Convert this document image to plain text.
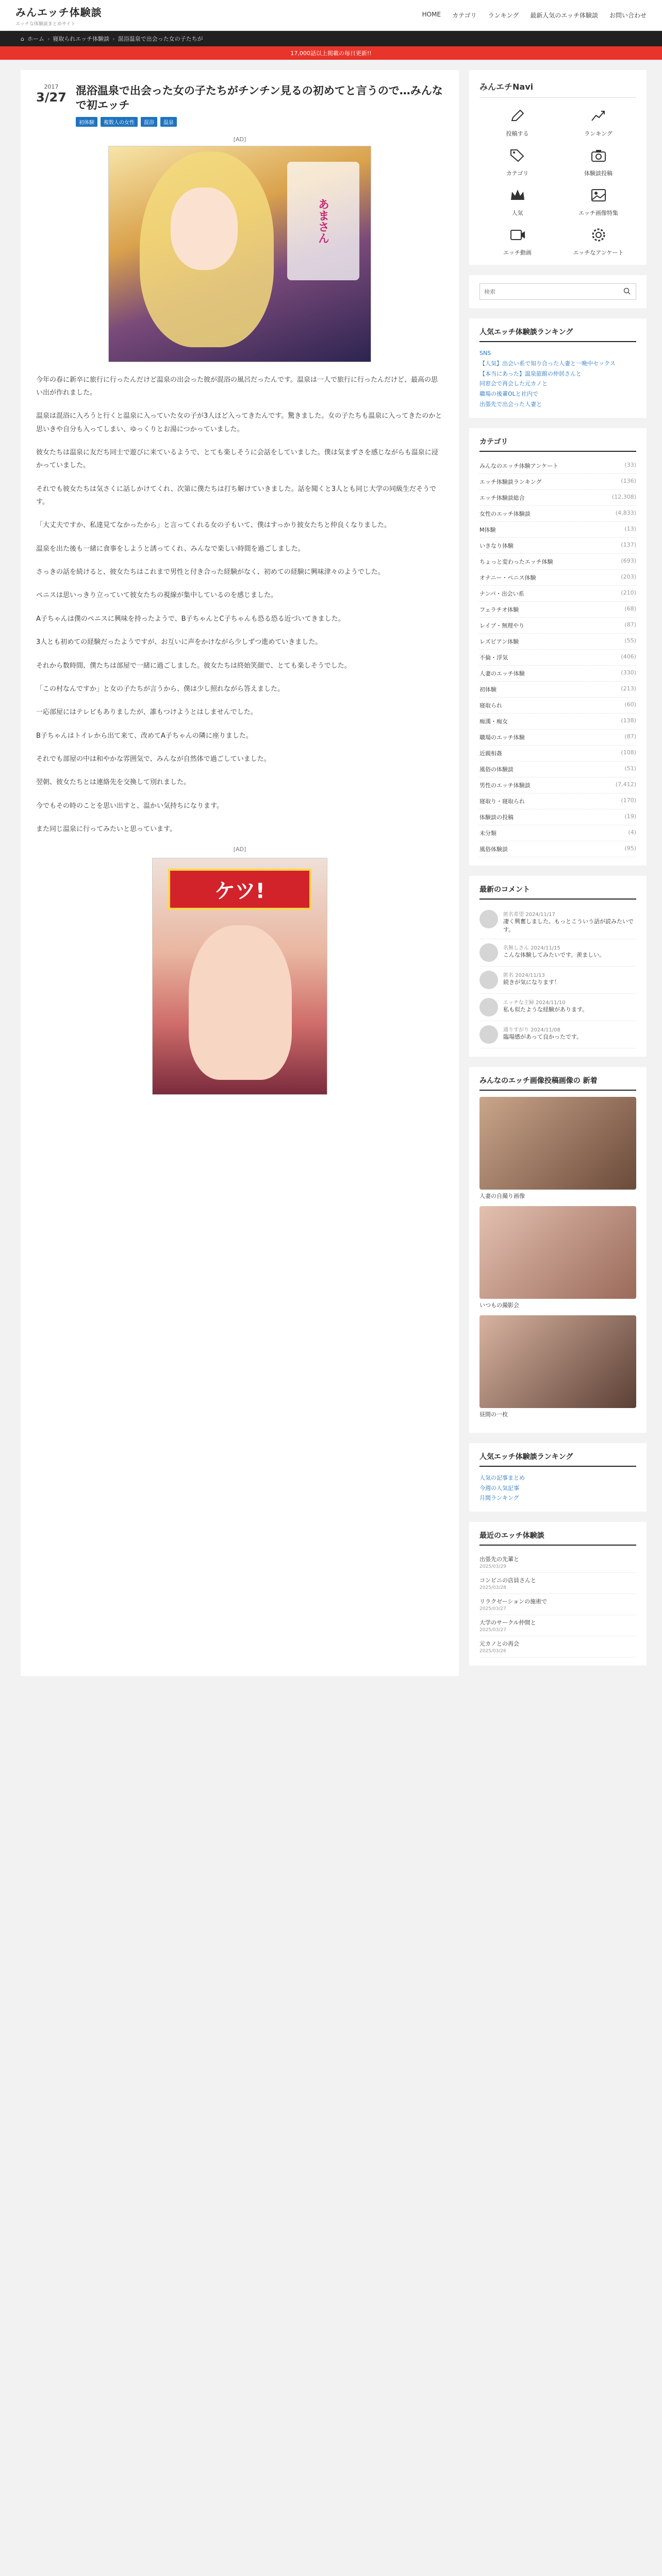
みんエッチ体験談
エッチな体験談まとめサイト
HOME カテゴリ ランキング 最新人気のエッチ体験談 お問い合わせ
⌂ ホーム › 寝取られエッチ体験談 › 混浴温泉で出会った女の子たちが
17,000話以上掲載の毎日更新!!
2017
3/27 混浴温泉で出会った女の子たちがチンチン見るの初めてと言うので…みんなで初エッチ
初体験	複数人の女性	混浴	温泉
[AD]
あまさん

今年の春に新卒に旅行に行ったんだけど温泉の出会った彼が混浴の風呂だったんです。温泉は一人で旅行に行ったんだけど、最高の思い出が作れました。

温泉は混浴に入ろうと行くと温泉に入っていた女の子が3人ほど入ってきたんです。驚きました。女の子たちも温泉に入ってきたのかと思いきや自分も入ってしまい、ゆっくりとお湯につかっていました。

彼女たちは温泉に友だち同士で遊びに来ているようで、とても楽しそうに会話をしていました。僕は気まずさを感じながらも温泉に浸かっていました。

それでも彼女たちは気さくに話しかけてくれ、次第に僕たちは打ち解けていきました。話を聞くと3人とも同じ大学の同級生だそうです。

「大丈夫ですか、私達見てなかったから」と言ってくれる女の子もいて、僕はすっかり彼女たちと仲良くなりました。

温泉を出た後も一緒に食事をしようと誘ってくれ、みんなで楽しい時間を過ごしました。

さっきの話を続けると、彼女たちはこれまで男性と付き合った経験がなく、初めての経験に興味津々のようでした。

ペニスは思いっきり立っていて彼女たちの視線が集中しているのを感じました。

A子ちゃんは僕のペニスに興味を持ったようで、B子ちゃんとC子ちゃんも恐る恐る近づいてきました。

3人とも初めての経験だったようですが、お互いに声をかけながら少しずつ進めていきました。

それから数時間、僕たちは部屋で一緒に過ごしました。彼女たちは終始笑顔で、とても楽しそうでした。

「この村なんですか」と女の子たちが言うから、僕は少し照れながら答えました。

一応部屋にはテレビもありましたが、誰もつけようとはしませんでした。

B子ちゃんはトイレから出て来て、改めてA子ちゃんの隣に座りました。

それでも部屋の中は和やかな雰囲気で、みんなが自然体で過ごしていました。

翌朝、彼女たちとは連絡先を交換して別れました。

今でもその時のことを思い出すと、温かい気持ちになります。

また同じ温泉に行ってみたいと思っています。

[AD]
ケツ!
みんエチNavi
投稿する	ランキング
カテゴリ	体験談投稿
人気	エッチ画像特集
エッチ動画	エッチなアンケート
検索
人気エッチ体験談ランキング
SNS
【人気】出会い系で知り合った人妻と一晩中セックス
【本当にあった】温泉旅館の仲居さんと
同窓会で再会した元カノと
職場の後輩OLと社内で
出張先で出会った人妻と
カテゴリ
みんなのエッチ体験アンケート	(33)
エッチ体験談ランキング	(136)
エッチ体験談総合	(12,308)
女性のエッチ体験談	(4,833)
M体験	(13)
いきなり体験	(137)
ちょっと変わったエッチ体験	(693)
オナニー・ペニス体験	(203)
ナンパ・出会い系	(210)
フェラチオ体験	(68)
レイプ・無理やり	(87)
レズビアン体験	(55)
不倫・浮気	(406)
人妻のエッチ体験	(330)
初体験	(213)
寝取られ	(60)
痴漢・痴女	(138)
職場のエッチ体験	(87)
近親相姦	(108)
風俗の体験談	(51)
男性のエッチ体験談	(7,412)
寝取り・寝取られ	(170)
体験談の投稿	(19)
未分類	(4)
風俗体験談	(95)
最新のコメント
匿名希望 2024/11/17
凄く興奮しました。もっとこういう話が読みたいです。
名無しさん 2024/11/15
こんな体験してみたいです。羨ましい。
匿名 2024/11/13
続きが気になります！
エッチな主婦 2024/11/10
私も似たような経験があります。
通りすがり 2024/11/08
臨場感があって良かったです。
みんなのエッチ画像投稿画像の 新着
人妻の自撮り画像
いつもの撮影会
昼間の一枚
人気エッチ体験談ランキング
人気の記事まとめ
今週の人気記事
月間ランキング
最近のエッチ体験談
出張先の先輩と
2025/03/29
コンビニの店員さんと
2025/03/28
リラクゼーションの施術で
2025/03/27
大学のサークル仲間と
2025/03/27
元カノとの再会
2025/03/26
